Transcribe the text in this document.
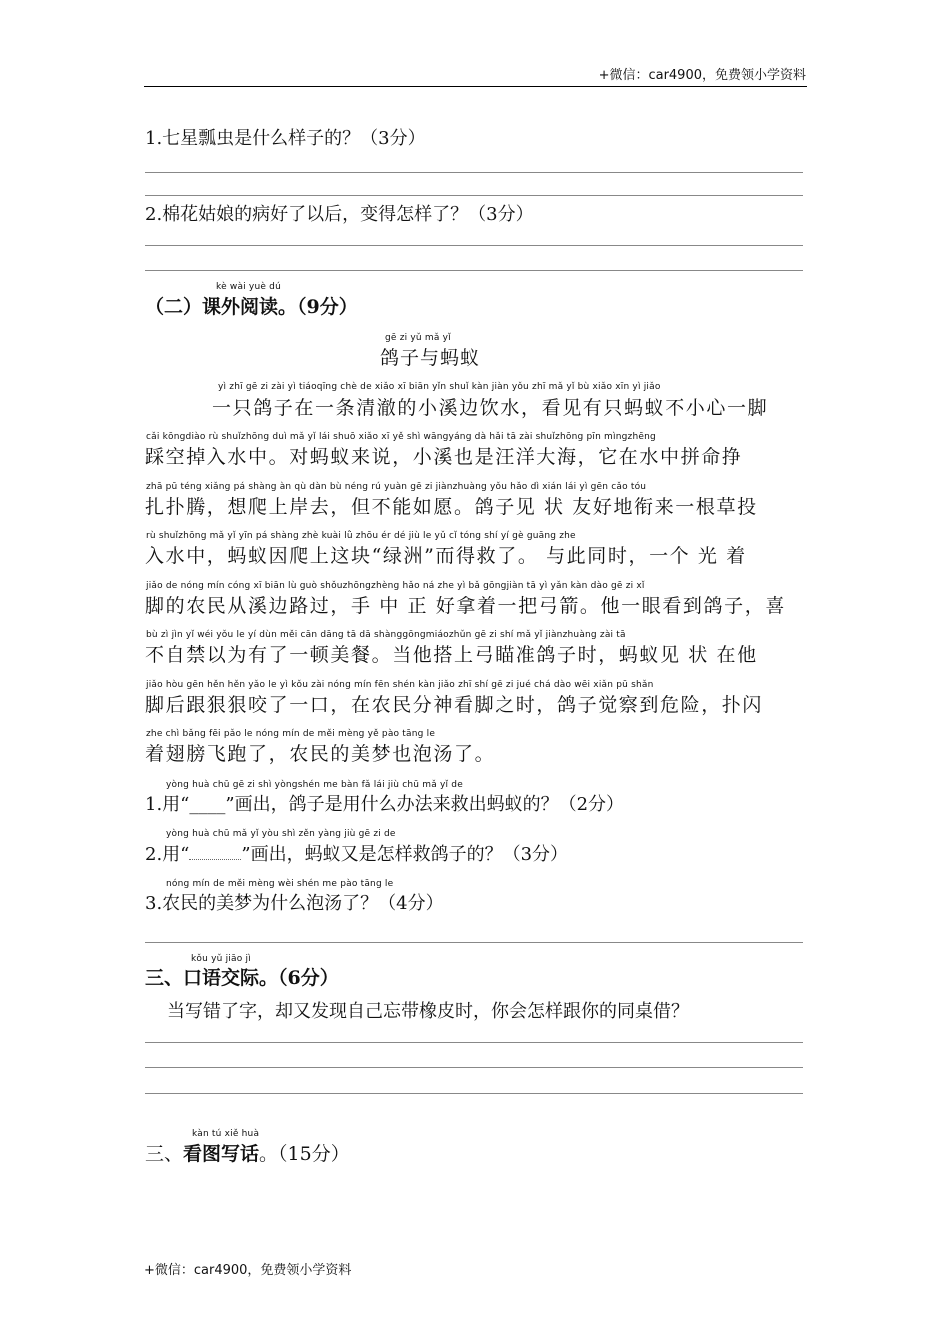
+微信：car4900，免费领小学资料
1.七星瓢虫是什么样子的？（3分）
2.棉花姑娘的病好了以后，变得怎样了？（3分）
kè wài yuè dú
（二）课外阅读。（9分）
gē zi yǔ mǎ yǐ
鸽子与蚂蚁
yì zhī gē zi zài yì tiáoqīng chè de xiǎo xī biān yǐn shuǐ kàn jiàn yǒu zhī mǎ yǐ bù xiǎo xīn yì jiǎo
一只鸽子在一条清澈的小溪边饮水，看见有只蚂蚁不小心一脚
cǎi kōngdiào rù shuǐzhōng duì mǎ yǐ lái shuō xiǎo xī yě shì wāngyáng dà hǎi tā zài shuǐzhōng pīn mìngzhēng
踩空掉入水中。对蚂蚁来说，小溪也是汪洋大海，它在水中拼命挣
zhā pū téng xiǎng pá shàng àn qù dàn bù néng rú yuàn gē zi jiànzhuàng yǒu hǎo dì xián lái yì gēn cǎo tóu
扎扑腾，想爬上岸去，但不能如愿。鸽子见 状 友好地衔来一根草投
rù shuǐzhōng mǎ yǐ yīn pá shàng zhè kuài lǜ zhōu ér dé jiù le yǔ cǐ tóng shí yí gè guāng zhe
入水中，蚂蚁因爬上这块“绿洲”而得救了。 与此同时，一个 光 着
jiǎo de nóng mín cóng xī biān lù guò shǒuzhōngzhèng hǎo ná zhe yì bǎ gōngjiàn tā yì yǎn kàn dào gē zi xǐ
脚的农民从溪边路过，手 中 正 好拿着一把弓箭。他一眼看到鸽子，喜
bù zì jìn yǐ wéi yǒu le yí dùn měi cān dāng tā dā shànggōngmiáozhǔn gē zi shí mǎ yǐ jiànzhuàng zài tā
不自禁以为有了一顿美餐。当他搭上弓瞄准鸽子时，蚂蚁见 状 在他
jiǎo hòu gēn hěn hěn yǎo le yì kǒu zài nóng mín fēn shén kàn jiǎo zhī shí gē zi jué chá dào wēi xiǎn pū shǎn
脚后跟狠狠咬了一口，在农民分神看脚之时，鸽子觉察到危险，扑闪
zhe chì bǎng fēi pǎo le nóng mín de měi mèng yě pào tāng le
着翅膀飞跑了，农民的美梦也泡汤了。
yòng huà chū gē zi shì yòngshén me bàn fǎ lái jiù chū mǎ yǐ de
1.用“____”画出，鸽子是用什么办法来救出蚂蚁的？（2分）
yòng huà chū mǎ yǐ yòu shì zěn yàng jiù gē zi de
2.用“	”画出，蚂蚁又是怎样救鸽子的？（3分）
nóng mín de měi mèng wèi shén me pào tāng le
3.农民的美梦为什么泡汤了？（4分）
kǒu yǔ jiāo jì
三、口语交际。（6分）
当写错了字，却又发现自己忘带橡皮时，你会怎样跟你的同桌借？
kàn tú xiě huà
三、看图写话。（15分）
+微信：car4900，免费领小学资料
